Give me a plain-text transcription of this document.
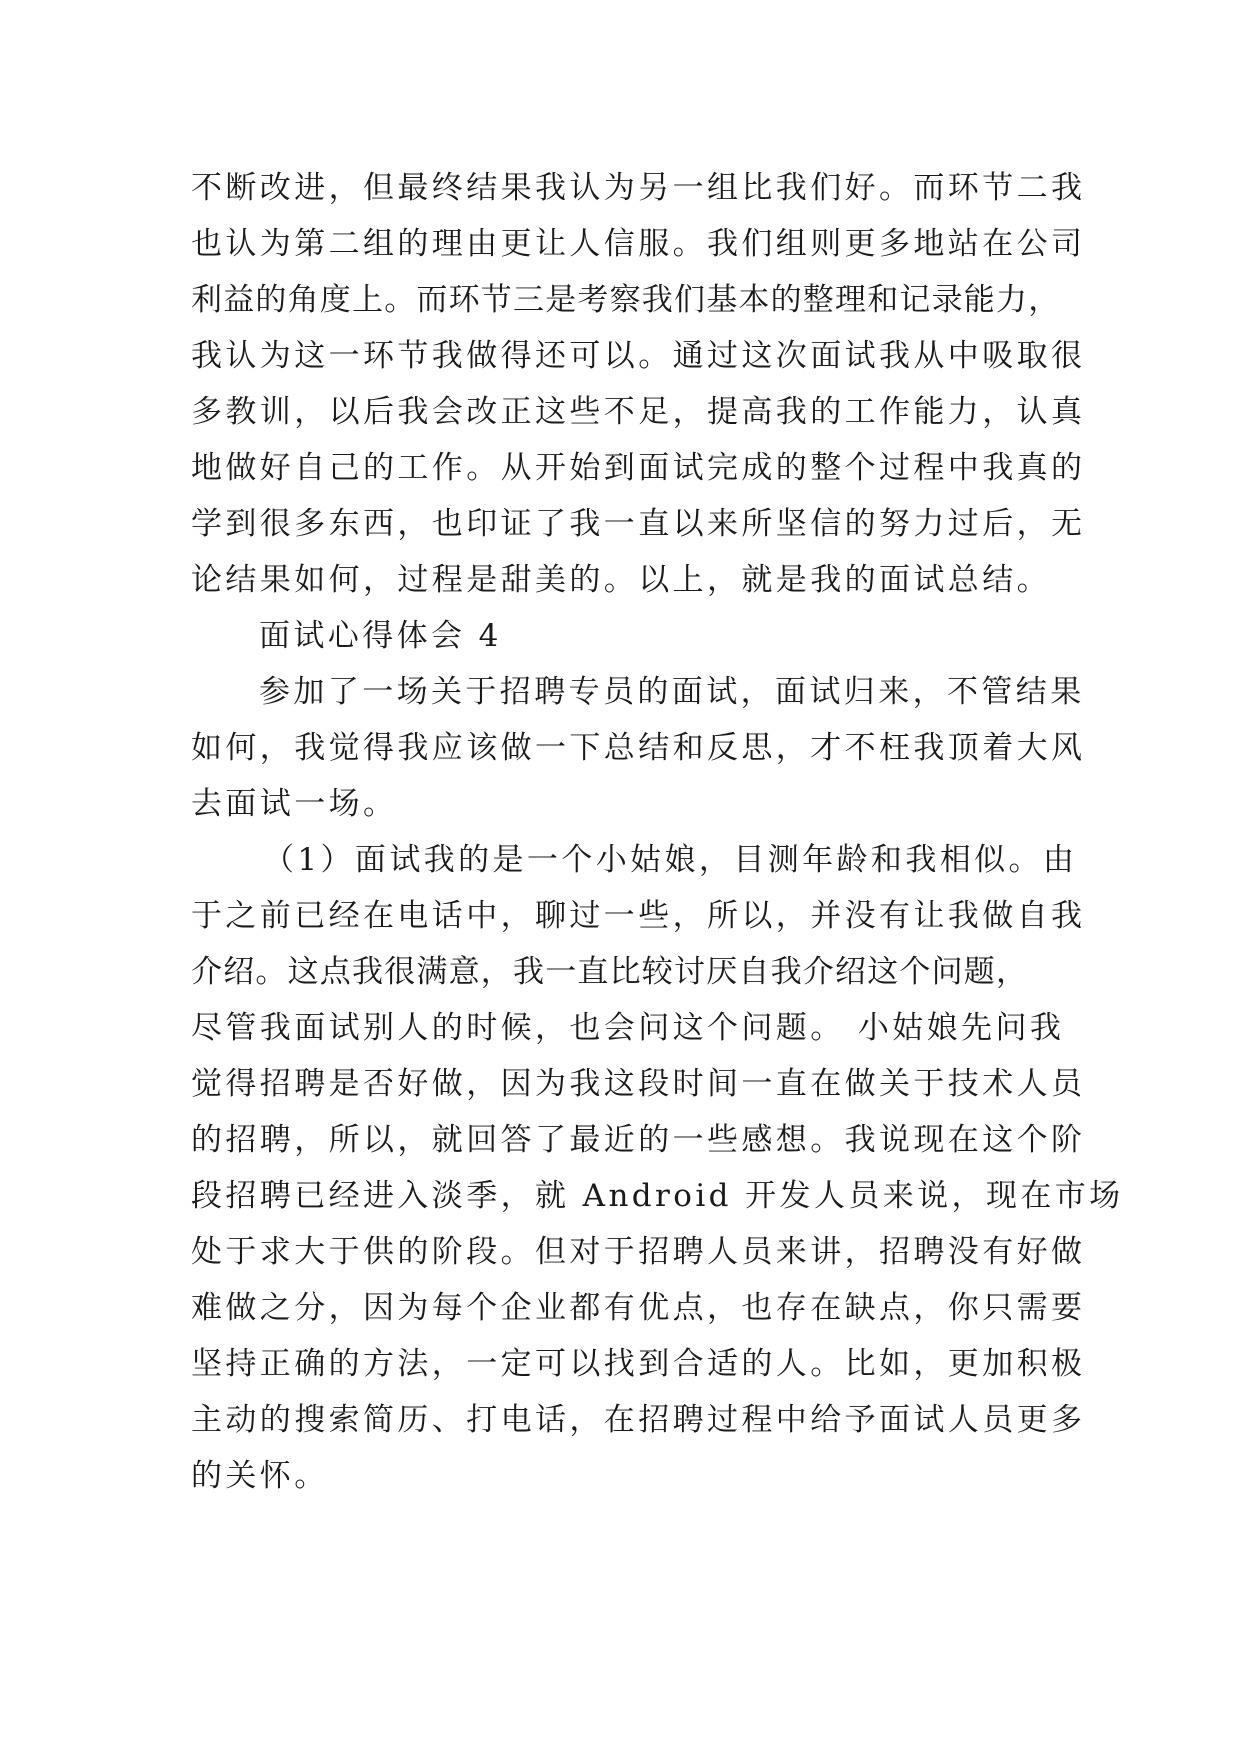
不断改进，但最终结果我认为另一组比我们好。而环节二我
也认为第二组的理由更让人信服。我们组则更多地站在公司
利益的角度上。而环节三是考察我们基本的整理和记录能力，
我认为这一环节我做得还可以。通过这次面试我从中吸取很
多教训，以后我会改正这些不足，提高我的工作能力，认真
地做好自己的工作。从开始到面试完成的整个过程中我真的
学到很多东西，也印证了我一直以来所坚信的努力过后，无
论结果如何，过程是甜美的。以上，就是我的面试总结。
面试心得体会 4
参加了一场关于招聘专员的面试，面试归来，不管结果
如何，我觉得我应该做一下总结和反思，才不枉我顶着大风
去面试一场。
（1）面试我的是一个小姑娘，目测年龄和我相似。由
于之前已经在电话中，聊过一些，所以，并没有让我做自我
介绍。这点我很满意，我一直比较讨厌自我介绍这个问题，
尽管我面试别人的时候，也会问这个问题。 小姑娘先问我
觉得招聘是否好做，因为我这段时间一直在做关于技术人员
的招聘，所以，就回答了最近的一些感想。我说现在这个阶
段招聘已经进入淡季，就 Android 开发人员来说，现在市场
处于求大于供的阶段。但对于招聘人员来讲，招聘没有好做
难做之分，因为每个企业都有优点，也存在缺点，你只需要
坚持正确的方法，一定可以找到合适的人。比如，更加积极
主动的搜索简历、打电话，在招聘过程中给予面试人员更多
的关怀。
